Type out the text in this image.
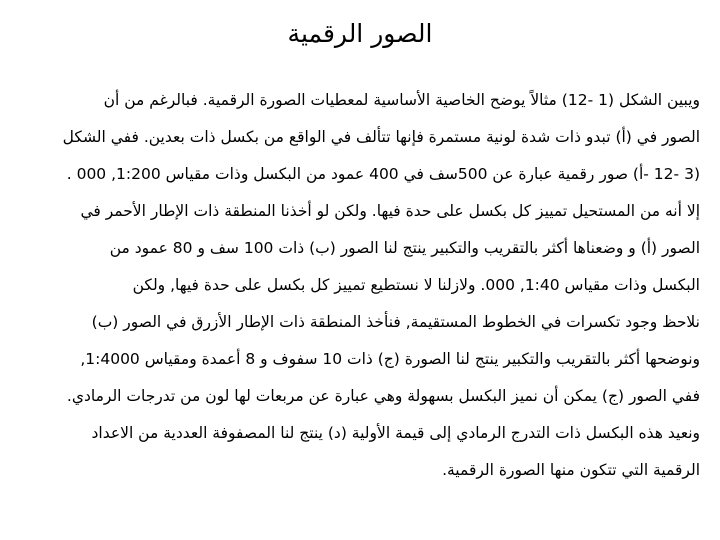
الصور الرقمية
ويبين الشكل (1 -12) مثالاً يوضح الخاصية الأساسية لمعطيات الصورة الرقمية. فبالرغم من أن
الصور في (أ) تبدو ذات شدة لونية مستمرة فإنها تتألف في الواقع من بكسل ذات بعدين. ففي الشكل
(3 -12 -أ) صور رقمية عبارة عن 500سف في 400 عمود من البكسل وذات مقياس 1:200, 000 .
إلا أنه من المستحيل تمييز كل بكسل على حدة فيها. ولكن لو أخذنا المنطقة ذات الإطار الأحمر في
الصور (أ) و وضعناها أكثر بالتقريب والتكبير ينتج لنا الصور (ب) ذات 100 سف و 80 عمود من
البكسل وذات مقياس 1:40, 000. ولازلنا لا نستطيع تمييز كل بكسل على حدة فيها, ولكن
نلاحظ وجود تكسرات في الخطوط المستقيمة, فنأخذ المنطقة ذات الإطار الأزرق في الصور (ب)
ونوضحها أكثر بالتقريب والتكبير ينتج لنا الصورة (ج) ذات 10 سفوف و 8 أعمدة ومقياس 1:4000,
ففي الصور (ج) يمكن أن نميز البكسل بسهولة وهي عبارة عن مربعات لها لون من تدرجات الرمادي.
ونعيد هذه البكسل ذات التدرج الرمادي إلى قيمة الأولية (د) ينتج لنا المصفوفة العددية من الاعداد
الرقمية التي تتكون منها الصورة الرقمية.
